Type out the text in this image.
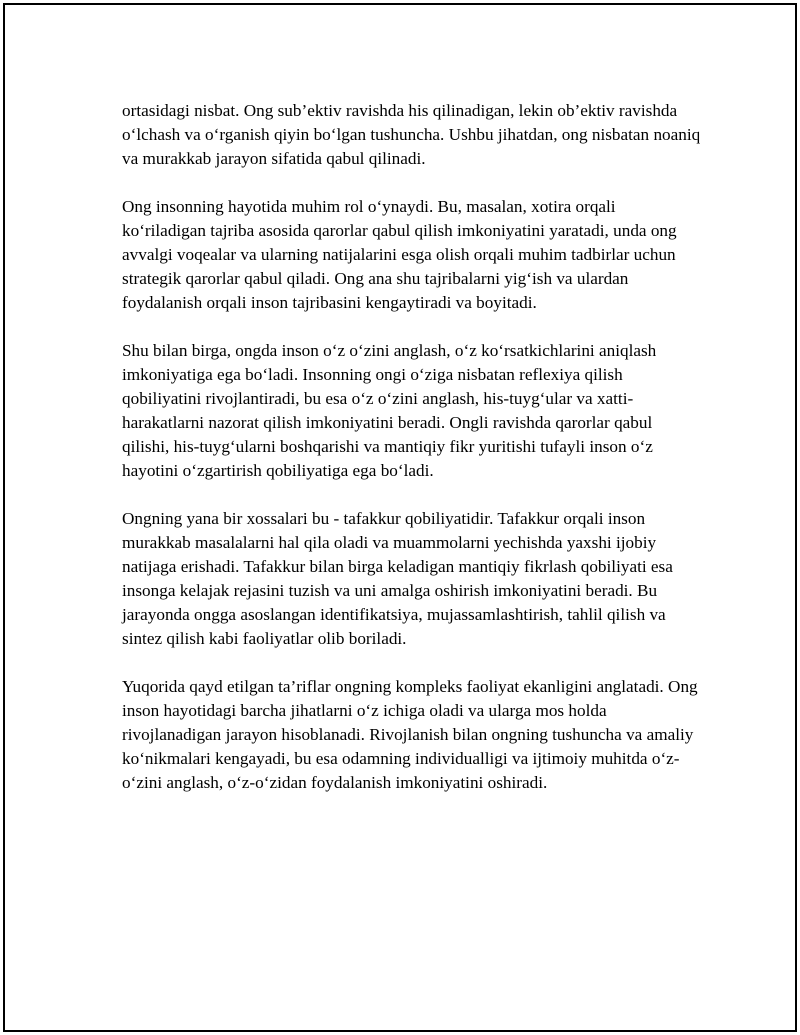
ortasidagi nisbat. Ong sub’ektiv ravishda his qilinadigan, lekin ob’ektiv ravishda o‘lchash va o‘rganish qiyin bo‘lgan tushuncha. Ushbu jihatdan, ong nisbatan noaniq va murakkab jarayon sifatida qabul qilinadi.

Ong insonning hayotida muhim rol o‘ynaydi. Bu, masalan, xotira orqali ko‘riladigan tajriba asosida qarorlar qabul qilish imkoniyatini yaratadi, unda ong avvalgi voqealar va ularning natijalarini esga olish orqali muhim tadbirlar uchun strategik qarorlar qabul qiladi. Ong ana shu tajribalarni yig‘ish va ulardan foydalanish orqali inson tajribasini kengaytiradi va boyitadi.

Shu bilan birga, ongda inson o‘z o‘zini anglash, o‘z ko‘rsatkichlarini aniqlash imkoniyatiga ega bo‘ladi. Insonning ongi o‘ziga nisbatan reflexiya qilish qobiliyatini rivojlantiradi, bu esa o‘z o‘zini anglash, his-tuyg‘ular va xatti-harakatlarni nazorat qilish imkoniyatini beradi. Ongli ravishda qarorlar qabul qilishi, his-tuyg‘ularni boshqarishi va mantiqiy fikr yuritishi tufayli inson o‘z hayotini o‘zgartirish qobiliyatiga ega bo‘ladi.

Ongning yana bir xossalari bu - tafakkur qobiliyatidir. Tafakkur orqali inson murakkab masalalarni hal qila oladi va muammolarni yechishda yaxshi ijobiy natijaga erishadi. Tafakkur bilan birga keladigan mantiqiy fikrlash qobiliyati esa insonga kelajak rejasini tuzish va uni amalga oshirish imkoniyatini beradi. Bu jarayonda ongga asoslangan identifikatsiya, mujassamlashtirish, tahlil qilish va sintez qilish kabi faoliyatlar olib boriladi.

Yuqorida qayd etilgan ta’riflar ongning kompleks faoliyat ekanligini anglatadi. Ong inson hayotidagi barcha jihatlarni o‘z ichiga oladi va ularga mos holda rivojlanadigan jarayon hisoblanadi. Rivojlanish bilan ongning tushuncha va amaliy ko‘nikmalari kengayadi, bu esa odamning individualligi va ijtimoiy muhitda o‘z-o‘zini anglash, o‘z-o‘zidan foydalanish imkoniyatini oshiradi.
